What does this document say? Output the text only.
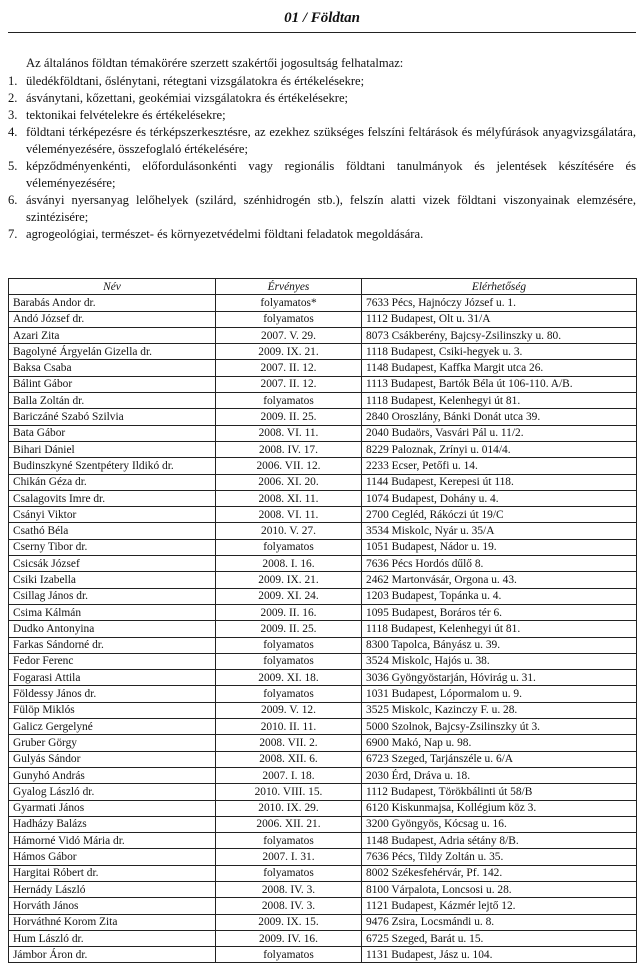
01 / Földtan
Az általános földtan témakörére szerzett szakértői jogosultság felhatalmaz:
1. üledékföldtani, őslénytani, rétegtani vizsgálatokra és értékelésekre;
2. ásványtani, kőzettani, geokémiai vizsgálatokra és értékelésekre;
3. tektonikai felvételekre és értékelésekre;
4. földtani térképezésre és térképszerkesztésre, az ezekhez szükséges felszíni feltárások és mélyfúrások anyagvizsgálatára, véleményezésére, összefoglaló értékelésére;
5. képződményenkénti, előfordulásonkénti vagy regionális földtani tanulmányok és jelentések készítésére és véleményezésére;
6. ásványi nyersanyag lelőhelyek (szilárd, szénhidrogén stb.), felszín alatti vizek földtani viszonyainak elemzésére, szintézisére;
7. agrogeológiai, természet- és környezetvédelmi földtani feladatok megoldására.
Név	Érvényes	Elérhetőség
Barabás Andor dr.	folyamatos*	7633 Pécs, Hajnóczy József u. 1.
Andó József dr.	folyamatos	1112 Budapest, Olt u. 31/A
Azari Zita	2007. V. 29.	8073 Csákberény, Bajcsy-Zsilinszky u. 80.
Bagolyné Árgyelán Gizella dr.	2009. IX. 21.	1118 Budapest, Csiki-hegyek u. 3.
Baksa Csaba	2007. II. 12.	1148 Budapest, Kaffka Margit utca 26.
Bálint Gábor	2007. II. 12.	1113 Budapest, Bartók Béla út 106-110. A/B.
Balla Zoltán dr.	folyamatos	1118 Budapest, Kelenhegyi út 81.
Bariczáné Szabó Szilvia	2009. II. 25.	2840 Oroszlány, Bánki Donát utca 39.
Bata Gábor	2008. VI. 11.	2040 Budaörs, Vasvári Pál u. 11/2.
Bihari Dániel	2008. IV. 17.	8229 Paloznak, Zrínyi u. 014/4.
Budinszkyné Szentpétery Ildikó dr.	2006. VII. 12.	2233 Ecser, Petőfi u. 14.
Chikán Géza dr.	2006. XI. 20.	1144 Budapest, Kerepesi út 118.
Csalagovits Imre dr.	2008. XI. 11.	1074 Budapest, Dohány u. 4.
Csányi Viktor	2008. VI. 11.	2700 Cegléd, Rákóczi út 19/C
Csathó Béla	2010. V. 27.	3534 Miskolc, Nyár u. 35/A
Cserny Tibor dr.	folyamatos	1051 Budapest, Nádor u. 19.
Csicsák József	2008. I. 16.	7636 Pécs Hordós dűlő 8.
Csiki Izabella	2009. IX. 21.	2462 Martonvásár, Orgona u. 43.
Csillag János dr.	2009. XI. 24.	1203 Budapest, Topánka u. 4.
Csima Kálmán	2009. II. 16.	1095 Budapest, Boráros tér 6.
Dudko Antonyina	2009. II. 25.	1118 Budapest, Kelenhegyi út 81.
Farkas Sándorné dr.	folyamatos	8300 Tapolca, Bányász u. 39.
Fedor Ferenc	folyamatos	3524 Miskolc, Hajós u. 38.
Fogarasi Attila	2009. XI. 18.	3036 Gyöngyöstarján, Hóvirág u. 31.
Földessy János dr.	folyamatos	1031 Budapest, Lópormalom u. 9.
Fülöp Miklós	2009. V. 12.	3525 Miskolc, Kazinczy F. u. 28.
Galicz Gergelyné	2010. II. 11.	5000 Szolnok, Bajcsy-Zsilinszky út 3.
Gruber Görgy	2008. VII. 2.	6900 Makó, Nap u. 98.
Gulyás Sándor	2008. XII. 6.	6723 Szeged, Tarjánszéle u. 6/A
Gunyhó András	2007. I. 18.	2030 Érd, Dráva u. 18.
Gyalog László dr.	2010. VIII. 15.	1112 Budapest, Törökbálinti út 58/B
Gyarmati János	2010. IX. 29.	6120 Kiskunmajsa, Kollégium köz 3.
Hadházy Balázs	2006. XII. 21.	3200 Gyöngyös, Kócsag u. 16.
Hámorné Vidó Mária dr.	folyamatos	1148 Budapest, Adria sétány 8/B.
Hámos Gábor	2007. I. 31.	7636 Pécs, Tildy Zoltán u. 35.
Hargitai Róbert dr.	folyamatos	8002 Székesfehérvár, Pf. 142.
Hernády László	2008. IV. 3.	8100 Várpalota, Loncsosi u. 28.
Horváth János	2008. IV. 3.	1121 Budapest, Kázmér lejtő 12.
Horváthné Korom Zita	2009. IX. 15.	9476 Zsira, Locsmándi u. 8.
Hum László dr.	2009. IV. 16.	6725 Szeged, Barát u. 15.
Jámbor Áron dr.	folyamatos	1131 Budapest, Jász u. 104.
